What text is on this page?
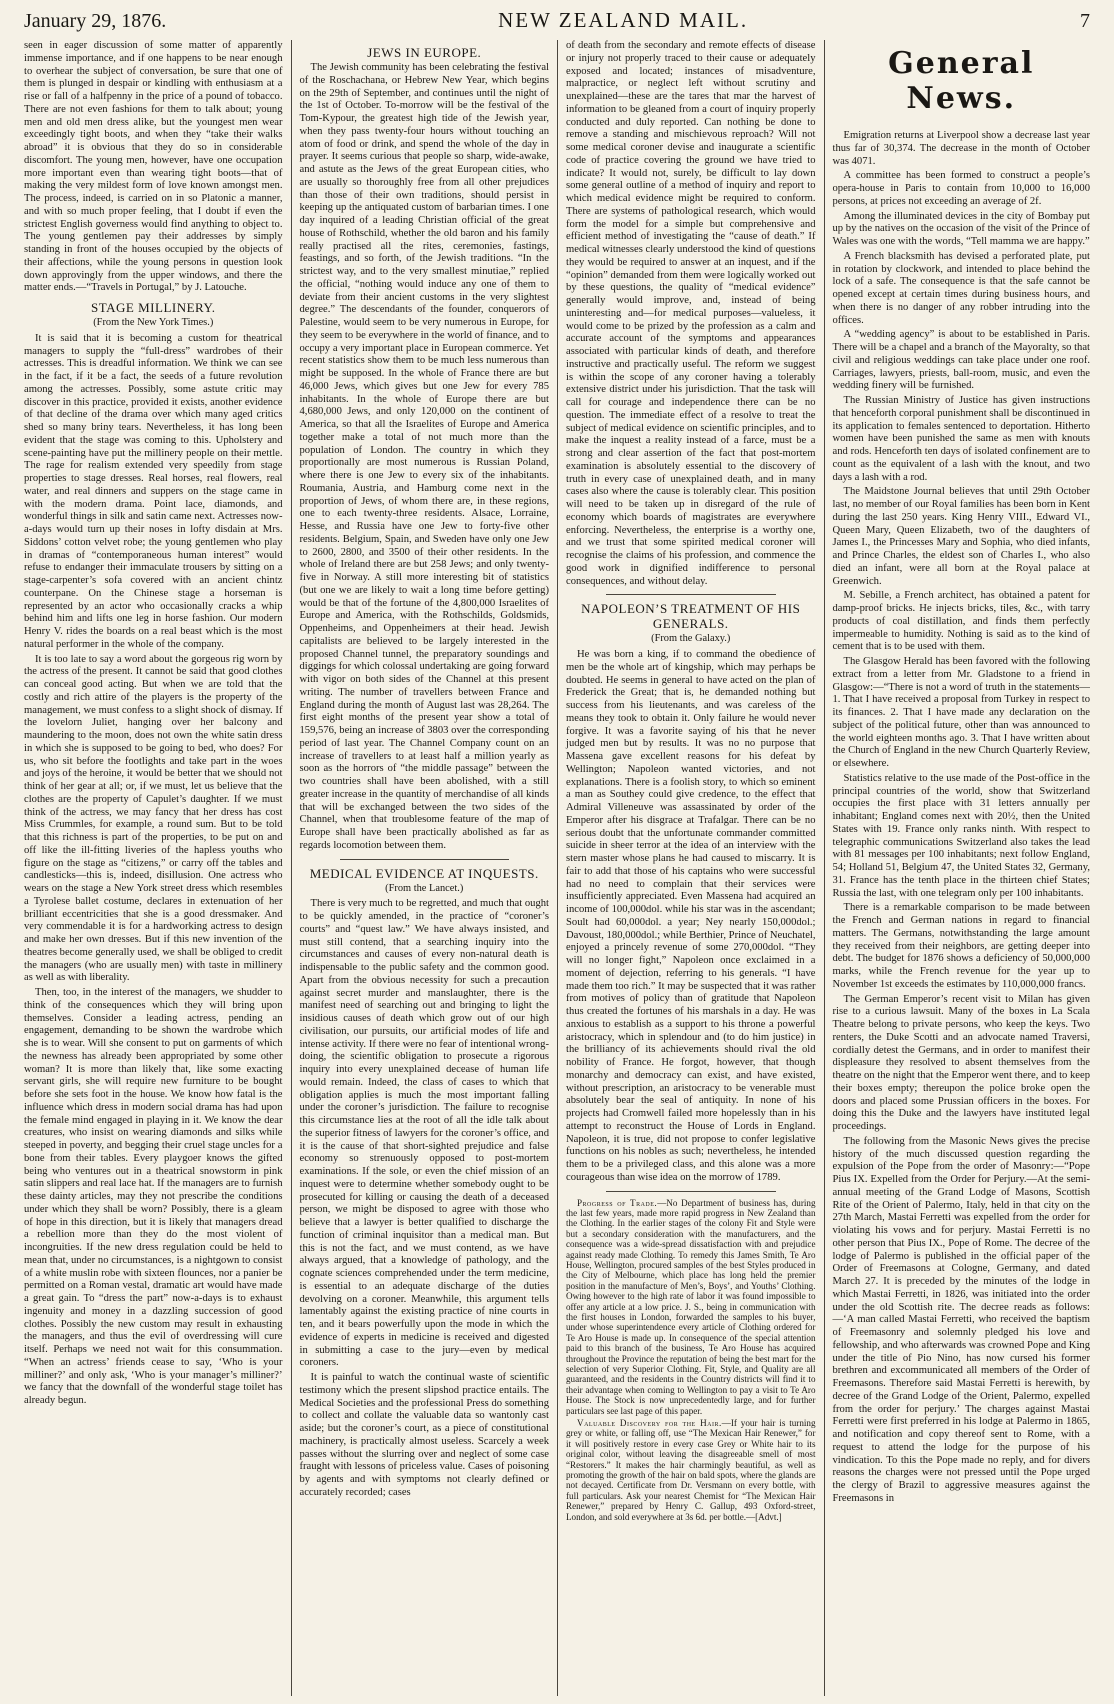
January 29, 1876.	NEW ZEALAND MAIL.	7

seen in eager discussion of some matter of apparently immense importance, and if one happens to be near enough to overhear the subject of conversation, be sure that one of them is plunged in despair or kindling with enthusiasm at a rise or fall of a halfpenny in the price of a pound of tobacco. There are not even fashions for them to talk about; young men and old men dress alike, but the youngest men wear exceedingly tight boots, and when they “take their walks abroad” it is obvious that they do so in considerable discomfort. The young men, however, have one occupation more important even than wearing tight boots—that of making the very mildest form of love known amongst men. The process, indeed, is carried on in so Platonic a manner, and with so much proper feeling, that I doubt if even the strictest English governess would find anything to object to. The young gentlemen pay their addresses by simply standing in front of the houses occupied by the objects of their affections, while the young persons in question look down approvingly from the upper windows, and there the matter ends.—“Travels in Portugal,” by J. Latouche.

STAGE MILLINERY.

(From the New York Times.)

It is said that it is becoming a custom for theatrical managers to supply the “full-dress” wardrobes of their actresses. This is dreadful information. We think we can see in the fact, if it be a fact, the seeds of a future revolution among the actresses. Possibly, some astute critic may discover in this practice, provided it exists, another evidence of that decline of the drama over which many aged critics shed so many briny tears. Nevertheless, it has long been evident that the stage was coming to this. Upholstery and scene-painting have put the millinery people on their mettle. The rage for realism extended very speedily from stage properties to stage dresses. Real horses, real flowers, real water, and real dinners and suppers on the stage came in with the modern drama. Point lace, diamonds, and wonderful things in silk and satin came next. Actresses now-a-days would turn up their noses in lofty disdain at Mrs. Siddons’ cotton velvet robe; the young gentlemen who play in dramas of “contemporaneous human interest” would refuse to endanger their immaculate trousers by sitting on a stage-carpenter’s sofa covered with an ancient chintz counterpane. On the Chinese stage a horseman is represented by an actor who occasionally cracks a whip behind him and lifts one leg in horse fashion. Our modern Henry V. rides the boards on a real beast which is the most natural performer in the whole of the company.

It is too late to say a word about the gorgeous rig worn by the actress of the present. It cannot be said that good clothes can conceal good acting. But when we are told that the costly and rich attire of the players is the property of the management, we must confess to a slight shock of dismay. If the lovelorn Juliet, hanging over her balcony and maundering to the moon, does not own the white satin dress in which she is supposed to be going to bed, who does? For us, who sit before the footlights and take part in the woes and joys of the heroine, it would be better that we should not think of her gear at all; or, if we must, let us believe that the clothes are the property of Capulet’s daughter. If we must think of the actress, we may fancy that her dress has cost Miss Crummles, for example, a round sum. But to be told that this richness is part of the properties, to be put on and off like the ill-fitting liveries of the hapless youths who figure on the stage as “citizens,” or carry off the tables and candlesticks—this is, indeed, disillusion. One actress who wears on the stage a New York street dress which resembles a Tyrolese ballet costume, declares in extenuation of her brilliant eccentricities that she is a good dressmaker. And very commendable it is for a hardworking actress to design and make her own dresses. But if this new invention of the theatres become generally used, we shall be obliged to credit the managers (who are usually men) with taste in millinery as well as with liberality.

Then, too, in the interest of the managers, we shudder to think of the consequences which they will bring upon themselves. Consider a leading actress, pending an engagement, demanding to be shown the wardrobe which she is to wear. Will she consent to put on garments of which the newness has already been appropriated by some other woman? It is more than likely that, like some exacting servant girls, she will require new furniture to be bought before she sets foot in the house. We know how fatal is the influence which dress in modern social drama has had upon the female mind engaged in playing in it. We know the dear creatures, who insist on wearing diamonds and silks while steeped in poverty, and begging their cruel stage uncles for a bone from their tables. Every playgoer knows the gifted being who ventures out in a theatrical snowstorm in pink satin slippers and real lace hat. If the managers are to furnish these dainty articles, may they not prescribe the conditions under which they shall be worn? Possibly, there is a gleam of hope in this direction, but it is likely that managers dread a rebellion more than they do the most violent of incongruities. If the new dress regulation could be held to mean that, under no circumstances, is a nightgown to consist of a white muslin robe with sixteen flounces, nor a panier be permitted on a Roman vestal, dramatic art would have made a great gain. To “dress the part” now-a-days is to exhaust ingenuity and money in a dazzling succession of good clothes. Possibly the new custom may result in exhausting the managers, and thus the evil of overdressing will cure itself. Perhaps we need not wait for this consummation. “When an actress’ friends cease to say, ‘Who is your milliner?’ and only ask, ‘Who is your manager’s milliner?’ we fancy that the downfall of the wonderful stage toilet has already begun.

JEWS IN EUROPE.

The Jewish community has been celebrating the festival of the Roschachana, or Hebrew New Year, which begins on the 29th of September, and continues until the night of the 1st of October. To-morrow will be the festival of the Tom-Kypour, the greatest high tide of the Jewish year, when they pass twenty-four hours without touching an atom of food or drink, and spend the whole of the day in prayer. It seems curious that people so sharp, wide-awake, and astute as the Jews of the great European cities, who are usually so thoroughly free from all other prejudices than those of their own traditions, should persist in keeping up the antiquated custom of barbarian times. I one day inquired of a leading Christian official of the great house of Rothschild, whether the old baron and his family really practised all the rites, ceremonies, fastings, feastings, and so forth, of the Jewish traditions. “In the strictest way, and to the very smallest minutiae,” replied the official, “nothing would induce any one of them to deviate from their ancient customs in the very slightest degree.” The descendants of the founder, conquerors of Palestine, would seem to be very numerous in Europe, for they seem to be everywhere in the world of finance, and to occupy a very important place in European commerce. Yet recent statistics show them to be much less numerous than might be supposed. In the whole of France there are but 46,000 Jews, which gives but one Jew for every 785 inhabitants. In the whole of Europe there are but 4,680,000 Jews, and only 120,000 on the continent of America, so that all the Israelites of Europe and America together make a total of not much more than the population of London. The country in which they proportionally are most numerous is Russian Poland, where there is one Jew to every six of the inhabitants. Roumania, Austria, and Hamburg come next in the proportion of Jews, of whom there are, in these regions, one to each twenty-three residents. Alsace, Lorraine, Hesse, and Russia have one Jew to forty-five other residents. Belgium, Spain, and Sweden have only one Jew to 2600, 2800, and 3500 of their other residents. In the whole of Ireland there are but 258 Jews; and only twenty-five in Norway. A still more interesting bit of statistics (but one we are likely to wait a long time before getting) would be that of the fortune of the 4,800,000 Israelites of Europe and America, with the Rothschilds, Goldsmids, Oppenheims, and Oppenheimers at their head. Jewish capitalists are believed to be largely interested in the proposed Channel tunnel, the preparatory soundings and diggings for which colossal undertaking are going forward with vigor on both sides of the Channel at this present writing. The number of travellers between France and England during the month of August last was 28,264. The first eight months of the present year show a total of 159,576, being an increase of 3803 over the corresponding period of last year. The Channel Company count on an increase of travellers to at least half a million yearly as soon as the horrors of “the middle passage” between the two countries shall have been abolished, with a still greater increase in the quantity of merchandise of all kinds that will be exchanged between the two sides of the Channel, when that troublesome feature of the map of Europe shall have been practically abolished as far as regards locomotion between them.

MEDICAL EVIDENCE AT INQUESTS.

(From the Lancet.)

There is very much to be regretted, and much that ought to be quickly amended, in the practice of “coroner’s courts” and “quest law.” We have always insisted, and must still contend, that a searching inquiry into the circumstances and causes of every non-natural death is indispensable to the public safety and the common good. Apart from the obvious necessity for such a precaution against secret murder and manslaughter, there is the manifest need of searching out and bringing to light the insidious causes of death which grow out of our high civilisation, our pursuits, our artificial modes of life and intense activity. If there were no fear of intentional wrong-doing, the scientific obligation to prosecute a rigorous inquiry into every unexplained decease of human life would remain. Indeed, the class of cases to which that obligation applies is much the most important falling under the coroner’s jurisdiction. The failure to recognise this circumstance lies at the root of all the idle talk about the superior fitness of lawyers for the coroner’s office, and it is the cause of that short-sighted prejudice and false economy so strenuously opposed to post-mortem examinations. If the sole, or even the chief mission of an inquest were to determine whether somebody ought to be prosecuted for killing or causing the death of a deceased person, we might be disposed to agree with those who believe that a lawyer is better qualified to discharge the function of criminal inquisitor than a medical man. But this is not the fact, and we must contend, as we have always argued, that a knowledge of pathology, and the cognate sciences comprehended under the term medicine, is essential to an adequate discharge of the duties devolving on a coroner. Meanwhile, this argument tells lamentably against the existing practice of nine courts in ten, and it bears powerfully upon the mode in which the evidence of experts in medicine is received and digested in submitting a case to the jury—even by medical coroners.

It is painful to watch the continual waste of scientific testimony which the present slipshod practice entails. The Medical Societies and the professional Press do something to collect and collate the valuable data so wantonly cast aside; but the coroner’s court, as a piece of constitutional machinery, is practically almost useless. Scarcely a week passes without the slurring over and neglect of some case fraught with lessons of priceless value. Cases of poisoning by agents and with symptoms not clearly defined or accurately recorded; cases

of death from the secondary and remote effects of disease or injury not properly traced to their cause or adequately exposed and located; instances of misadventure, malpractice, or neglect left without scrutiny and unexplained—these are the tares that mar the harvest of information to be gleaned from a court of inquiry properly conducted and duly reported. Can nothing be done to remove a standing and mischievous reproach? Will not some medical coroner devise and inaugurate a scientific code of practice covering the ground we have tried to indicate? It would not, surely, be difficult to lay down some general outline of a method of inquiry and report to which medical evidence might be required to conform. There are systems of pathological research, which would form the model for a simple but comprehensive and efficient method of investigating the “cause of death.” If medical witnesses clearly understood the kind of questions they would be required to answer at an inquest, and if the “opinion” demanded from them were logically worked out by these questions, the quality of “medical evidence” generally would improve, and, instead of being uninteresting and—for medical purposes—valueless, it would come to be prized by the profession as a calm and accurate account of the symptoms and appearances associated with particular kinds of death, and therefore instructive and practically useful. The reform we suggest is within the scope of any coroner having a tolerably extensive district under his jurisdiction. That the task will call for courage and independence there can be no question. The immediate effect of a resolve to treat the subject of medical evidence on scientific principles, and to make the inquest a reality instead of a farce, must be a strong and clear assertion of the fact that post-mortem examination is absolutely essential to the discovery of truth in every case of unexplained death, and in many cases also where the cause is tolerably clear. This position will need to be taken up in disregard of the rule of economy which boards of magistrates are everywhere enforcing. Nevertheless, the enterprise is a worthy one, and we trust that some spirited medical coroner will recognise the claims of his profession, and commence the good work in dignified indifference to personal consequences, and without delay.

NAPOLEON’S TREATMENT OF HIS GENERALS.

(From the Galaxy.)

He was born a king, if to command the obedience of men be the whole art of kingship, which may perhaps be doubted. He seems in general to have acted on the plan of Frederick the Great; that is, he demanded nothing but success from his lieutenants, and was careless of the means they took to obtain it. Only failure he would never forgive. It was a favorite saying of his that he never judged men but by results. It was no no purpose that Massena gave excellent reasons for his defeat by Wellington; Napoleon wanted victories, and not explanations. There is a foolish story, to which so eminent a man as Southey could give credence, to the effect that Admiral Villeneuve was assassinated by order of the Emperor after his disgrace at Trafalgar. There can be no serious doubt that the unfortunate commander committed suicide in sheer terror at the idea of an interview with the stern master whose plans he had caused to miscarry. It is fair to add that those of his captains who were successful had no need to complain that their services were insufficiently appreciated. Even Massena had acquired an income of 100,000dol. while his star was in the ascendant; Soult had 60,000dol. a year; Ney nearly 150,000dol.; Davoust, 180,000dol.; while Berthier, Prince of Neuchatel, enjoyed a princely revenue of some 270,000dol. “They will no longer fight,” Napoleon once exclaimed in a moment of dejection, referring to his generals. “I have made them too rich.” It may be suspected that it was rather from motives of policy than of gratitude that Napoleon thus created the fortunes of his marshals in a day. He was anxious to establish as a support to his throne a powerful aristocracy, which in splendour and (to do him justice) in the brilliancy of its achievements should rival the old nobility of France. He forgot, however, that though monarchy and democracy can exist, and have existed, without prescription, an aristocracy to be venerable must absolutely bear the seal of antiquity. In none of his projects had Cromwell failed more hopelessly than in his attempt to reconstruct the House of Lords in England. Napoleon, it is true, did not propose to confer legislative functions on his nobles as such; nevertheless, he intended them to be a privileged class, and this alone was a more courageous than wise idea on the morrow of 1789.

Progress of Trade.—No Department of business has, during the last few years, made more rapid progress in New Zealand than the Clothing. In the earlier stages of the colony Fit and Style were but a secondary consideration with the manufacturers, and the consequence was a wide-spread dissatisfaction with and prejudice against ready made Clothing. To remedy this James Smith, Te Aro House, Wellington, procured samples of the best Styles produced in the City of Melbourne, which place has long held the premier position in the manufacture of Men’s, Boys’, and Youths’ Clothing. Owing however to the high rate of labor it was found impossible to offer any article at a low price. J. S., being in communication with the first houses in London, forwarded the samples to his buyer, under whose superintendence every article of Clothing ordered for Te Aro House is made up. In consequence of the special attention paid to this branch of the business, Te Aro House has acquired throughout the Province the reputation of being the best mart for the selection of very Superior Clothing. Fit, Style, and Quality are all guaranteed, and the residents in the Country districts will find it to their advantage when coming to Wellington to pay a visit to Te Aro House. The Stock is now unprecedentedly large, and for further particulars see last page of this paper.

Valuable Discovery for the Hair.—If your hair is turning grey or white, or falling off, use “The Mexican Hair Renewer,” for it will positively restore in every case Grey or White hair to its original color, without leaving the disagreeable smell of most “Restorers.” It makes the hair charmingly beautiful, as well as promoting the growth of the hair on bald spots, where the glands are not decayed. Certificate from Dr. Versmann on every bottle, with full particulars. Ask your nearest Chemist for “The Mexican Hair Renewer,” prepared by Henry C. Gallup, 493 Oxford-street, London, and sold everywhere at 3s 6d. per bottle.—[Advt.]

General News.

Emigration returns at Liverpool show a decrease last year thus far of 30,374. The decrease in the month of October was 4071.

A committee has been formed to construct a people’s opera-house in Paris to contain from 10,000 to 16,000 persons, at prices not exceeding an average of 2f.

Among the illuminated devices in the city of Bombay put up by the natives on the occasion of the visit of the Prince of Wales was one with the words, “Tell mamma we are happy.”

A French blacksmith has devised a perforated plate, put in rotation by clockwork, and intended to place behind the lock of a safe. The consequence is that the safe cannot be opened except at certain times during business hours, and when there is no danger of any robber intruding into the offices.

A “wedding agency” is about to be established in Paris. There will be a chapel and a branch of the Mayoralty, so that civil and religious weddings can take place under one roof. Carriages, lawyers, priests, ball-room, music, and even the wedding finery will be furnished.

The Russian Ministry of Justice has given instructions that henceforth corporal punishment shall be discontinued in its application to females sentenced to deportation. Hitherto women have been punished the same as men with knouts and rods. Henceforth ten days of isolated confinement are to count as the equivalent of a lash with the knout, and two days a lash with a rod.

The Maidstone Journal believes that until 29th October last, no member of our Royal families has been born in Kent during the last 250 years. King Henry VIII., Edward VI., Queen Mary, Queen Elizabeth, two of the daughters of James I., the Princesses Mary and Sophia, who died infants, and Prince Charles, the eldest son of Charles I., who also died an infant, were all born at the Royal palace at Greenwich.

M. Sebille, a French architect, has obtained a patent for damp-proof bricks. He injects bricks, tiles, &c., with tarry products of coal distillation, and finds them perfectly impermeable to humidity. Nothing is said as to the kind of cement that is to be used with them.

The Glasgow Herald has been favored with the following extract from a letter from Mr. Gladstone to a friend in Glasgow:—“There is not a word of truth in the statements—1. That I have received a proposal from Turkey in respect to its finances. 2. That I have made any declaration on the subject of the political future, other than was announced to the world eighteen months ago. 3. That I have written about the Church of England in the new Church Quarterly Review, or elsewhere.

Statistics relative to the use made of the Post-office in the principal countries of the world, show that Switzerland occupies the first place with 31 letters annually per inhabitant; England comes next with 20½, then the United States with 19. France only ranks ninth. With respect to telegraphic communications Switzerland also takes the lead with 81 messages per 100 inhabitants; next follow England, 54; Holland 51, Belgium 47, the United States 32, Germany, 31. France has the tenth place in the thirteen chief States; Russia the last, with one telegram only per 100 inhabitants.

There is a remarkable comparison to be made between the French and German nations in regard to financial matters. The Germans, notwithstanding the large amount they received from their neighbors, are getting deeper into debt. The budget for 1876 shows a deficiency of 50,000,000 marks, while the French revenue for the year up to November 1st exceeds the estimates by 110,000,000 francs.

The German Emperor’s recent visit to Milan has given rise to a curious lawsuit. Many of the boxes in La Scala Theatre belong to private persons, who keep the keys. Two renters, the Duke Scotti and an advocate named Traversi, cordially detest the Germans, and in order to manifest their displeasure they resolved to absent themselves from the theatre on the night that the Emperor went there, and to keep their boxes empty; thereupon the police broke open the doors and placed some Prussian officers in the boxes. For doing this the Duke and the lawyers have instituted legal proceedings.

The following from the Masonic News gives the precise history of the much discussed question regarding the expulsion of the Pope from the order of Masonry:—“Pope Pius IX. Expelled from the Order for Perjury.—At the semi-annual meeting of the Grand Lodge of Masons, Scottish Rite of the Orient of Palermo, Italy, held in that city on the 27th March, Mastai Ferretti was expelled from the order for violating his vows and for perjury. Mastai Ferretti is no other person that Pius IX., Pope of Rome. The decree of the lodge of Palermo is published in the official paper of the Order of Freemasons at Cologne, Germany, and dated March 27. It is preceded by the minutes of the lodge in which Mastai Ferretti, in 1826, was initiated into the order under the old Scottish rite. The decree reads as follows: —‘A man called Mastai Ferretti, who received the baptism of Freemasonry and solemnly pledged his love and fellowship, and who afterwards was crowned Pope and King under the title of Pio Nino, has now cursed his former brethren and excommunicated all members of the Order of Freemasons. Therefore said Mastai Ferretti is herewith, by decree of the Grand Lodge of the Orient, Palermo, expelled from the order for perjury.’ The charges against Mastai Ferretti were first preferred in his lodge at Palermo in 1865, and notification and copy thereof sent to Rome, with a request to attend the lodge for the purpose of his vindication. To this the Pope made no reply, and for divers reasons the charges were not pressed until the Pope urged the clergy of Brazil to aggressive measures against the Freemasons in
